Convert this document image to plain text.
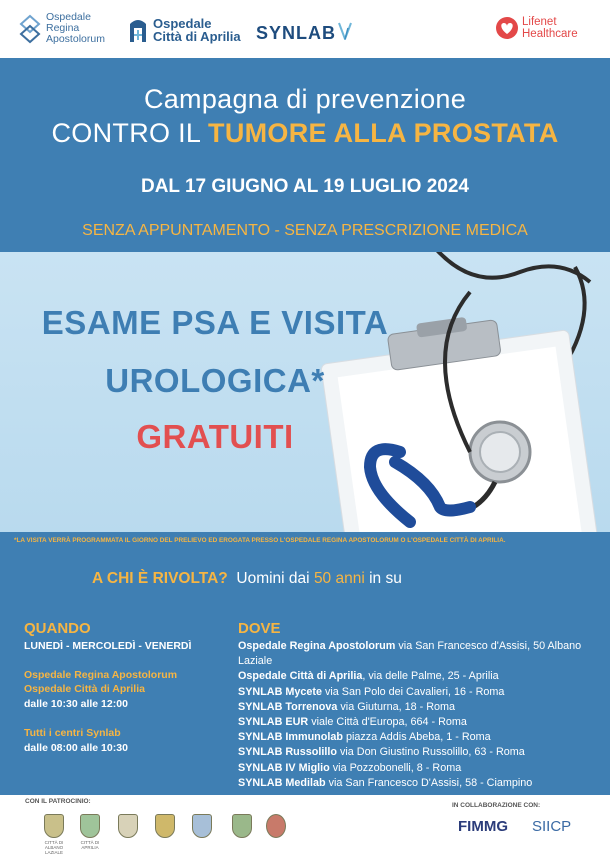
Ospedale
Regina
Apostolorum
Ospedale
Città di Aprilia SYNLAB
Lifenet
Healthcare
Campagna di prevenzione
CONTRO IL TUMORE ALLA PROSTATA
DAL 17 GIUGNO AL 19 LUGLIO 2024
SENZA APPUNTAMENTO - SENZA PRESCRIZIONE MEDICA
ESAME PSA E VISITA
UROLOGICA*
GRATUITI
*LA VISITA VERRÀ PROGRAMMATA IL GIORNO DEL PRELIEVO ED EROGATA PRESSO L'OSPEDALE REGINA APOSTOLORUM O L'OSPEDALE CITTÀ DI APRILIA.
A CHI È RIVOLTA? Uomini dai 50 anni in su
QUANDO
LUNEDÌ - MERCOLEDÌ - VENERDÌ
Ospedale Regina Apostolorum
Ospedale Città di Aprilia
dalle 10:30 alle 12:00
Tutti i centri Synlab
dalle 08:00 alle 10:30
DOVE
Ospedale Regina Apostolorum via San Francesco d'Assisi, 50 Albano Laziale
Ospedale Città di Aprilia, via delle Palme, 25 - Aprilia
SYNLAB Mycete via San Polo dei Cavalieri, 16 - Roma
SYNLAB Torrenova via Giuturna, 18 - Roma
SYNLAB EUR viale Città d'Europa, 664 - Roma
SYNLAB Immunolab piazza Addis Abeba, 1 - Roma
SYNLAB Russolillo via Don Giustino Russolillo, 63 - Roma
SYNLAB IV Miglio via Pozzobonelli, 8 - Roma
SYNLAB Medilab via San Francesco D'Assisi, 58 - Ciampino
CON IL PATROCINIO:
IN COLLABORAZIONE CON:
CITTÀ DI ALBANO LAZIALE
CITTÀ DI APRILIA
FIMMG SIICP
